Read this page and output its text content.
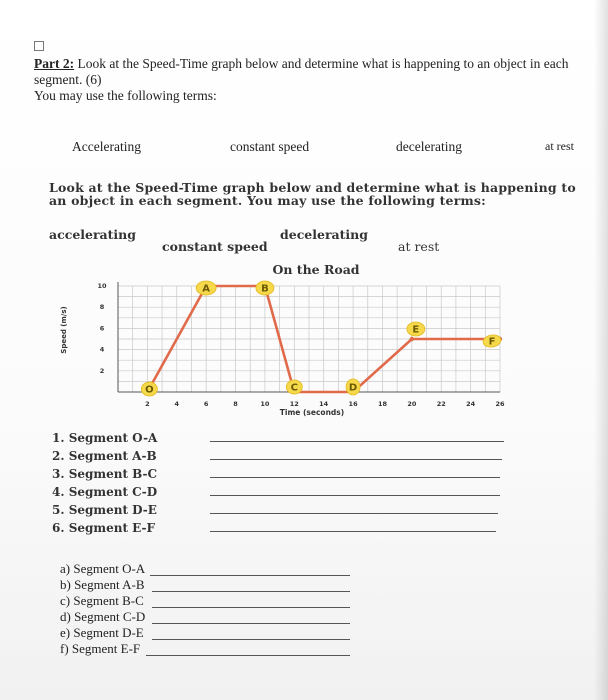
Part 2: Look at the Speed-Time graph below and determine what is happening to an object in each segment. (6)
You may use the following terms:
Accelerating	constant speed	decelerating	at rest
Look at the Speed-Time graph below and determine what is happening to an object in each segment. You may use the following terms:
accelerating	decelerating
constant speed	at rest
On the Road
2	4	6	8	10	12	14	16	18	20	22	24	26
2
4
6
8
10
O
A	B
C	D
E
F
Speed (m/s)
Time (seconds)
1. Segment O-A
2. Segment A-B
3. Segment B-C
4. Segment C-D
5. Segment D-E
6. Segment E-F
a) Segment O-A
b) Segment A-B
c) Segment B-C
d) Segment C-D
e) Segment D-E
f) Segment E-F
